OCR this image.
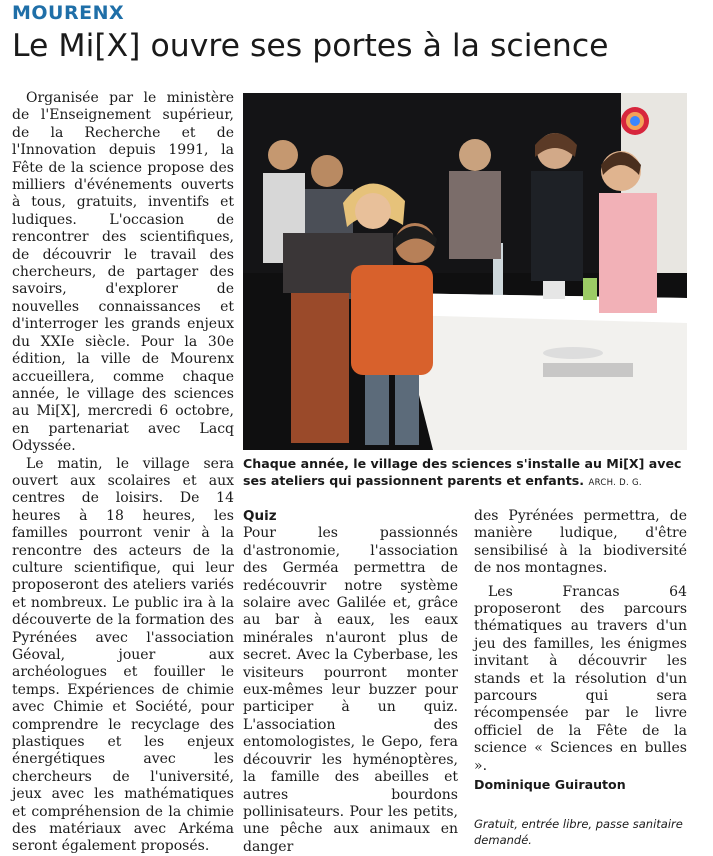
MOURENX
Le Mi[X] ouvre ses portes à la science

Organisée par le ministère de l'Enseignement supérieur, de la Recherche et de l'Innovation depuis 1991, la Fête de la science propose des milliers d'événements ouverts à tous, gratuits, inventifs et ludiques. L'occasion de rencontrer des scientifiques, de découvrir le travail des chercheurs, de partager des savoirs, d'explorer de nouvelles connaissances et d'interroger les grands enjeux du XXIe siècle. Pour la 30e édition, la ville de Mourenx accueillera, comme chaque année, le village des sciences au Mi[X], mercredi 6 octobre, en partenariat avec Lacq Odyssée.

Le matin, le village sera ouvert aux scolaires et aux centres de loisirs. De 14 heures à 18 heures, les familles pourront venir à la rencontre des acteurs de la culture scientifique, qui leur proposeront des ateliers variés et nombreux. Le public ira à la découverte de la formation des Pyrénées avec l'association Géoval, jouer aux archéologues et fouiller le temps. Expériences de chimie avec Chimie et Société, pour comprendre le recyclage des plastiques et les enjeux énergétiques avec les chercheurs de l'université, jeux avec les mathématiques et compréhension de la chimie des matériaux avec Arkéma seront également proposés.

Chaque année, le village des sciences s'installe au Mi[X] avec ses ateliers qui passionnent parents et enfants. ARCH. D. G.
Quiz

Pour les passionnés d'astronomie, l'association des Germéa permettra de redécouvrir notre système solaire avec Galilée et, grâce au bar à eaux, les eaux minérales n'auront plus de secret. Avec la Cyberbase, les visiteurs pourront monter eux-mêmes leur buzzer pour participer à un quiz. L'association des entomologistes, le Gepo, fera découvrir les hyménoptères, la famille des abeilles et autres bourdons pollinisateurs. Pour les petits, une pêche aux animaux en danger

des Pyrénées permettra, de manière ludique, d'être sensibilisé à la biodiversité de nos montagnes.

Les Francas 64 proposeront des parcours thématiques au travers d'un jeu des familles, les énigmes invitant à découvrir les stands et la résolution d'un parcours qui sera récompensée par le livre officiel de la Fête de la science « Sciences en bulles ».

Dominique Guirauton
Gratuit, entrée libre, passe sanitaire demandé.
